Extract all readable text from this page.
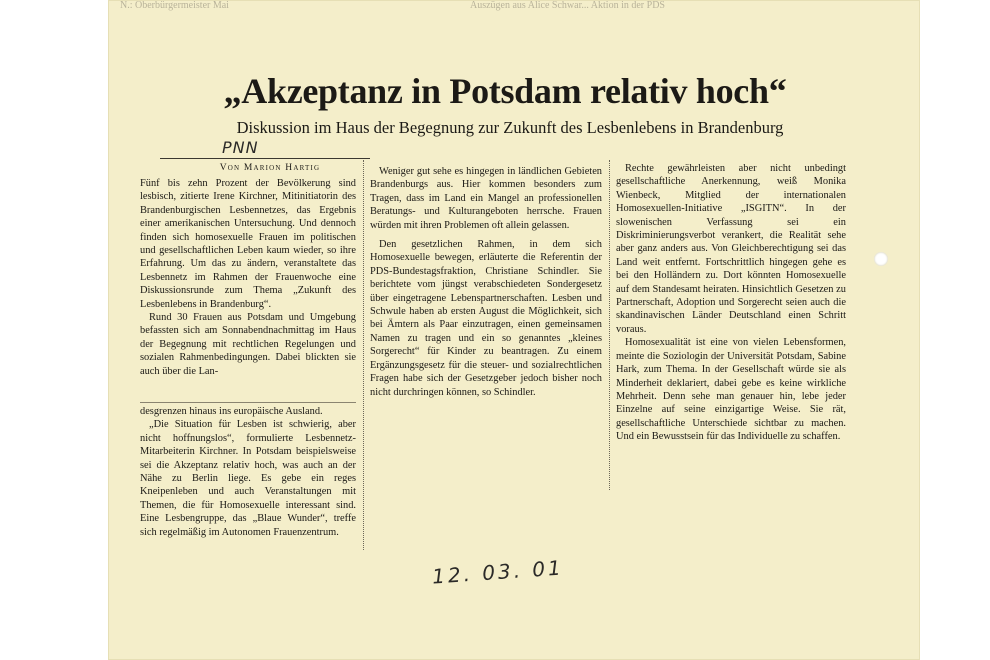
N.: Oberbürgermeister Mai	Auszügen aus Alice Schwar... Aktion in der PDS
„Akzeptanz in Potsdam relativ hoch“
Diskussion im Haus der Begegnung zur Zukunft des Lesbenlebens in Brandenburg
PNN
Von Marion Hartig

Fünf bis zehn Prozent der Bevölkerung sind lesbisch, zitierte Irene Kirchner, Mitinitiatorin des Brandenburgischen Lesbennetzes, das Ergebnis einer amerikanischen Untersuchung. Und dennoch finden sich homosexuelle Frauen im politischen und gesellschaftlichen Leben kaum wieder, so ihre Erfahrung. Um das zu ändern, veranstaltete das Lesbennetz im Rahmen der Frauenwoche eine Diskussionsrunde zum Thema „Zukunft des Lesbenlebens in Brandenburg“.

Rund 30 Frauen aus Potsdam und Umgebung befassten sich am Sonnabendnachmittag im Haus der Begegnung mit rechtlichen Regelungen und sozialen Rahmenbedingungen. Dabei blickten sie auch über die Lan-

desgrenzen hinaus ins europäische Ausland.

„Die Situation für Lesben ist schwierig, aber nicht hoffnungslos“, formulierte Lesbennetz-Mitarbeiterin Kirchner. In Potsdam beispielsweise sei die Akzeptanz relativ hoch, was auch an der Nähe zu Berlin liege. Es gebe ein reges Kneipenleben und auch Veranstaltungen mit Themen, die für Homosexuelle interessant sind. Eine Lesbengruppe, das „Blaue Wunder“, treffe sich regelmäßig im Autonomen Frauenzentrum.

Weniger gut sehe es hingegen in ländlichen Gebieten Brandenburgs aus. Hier kommen besonders zum Tragen, dass im Land ein Mangel an professionellen Beratungs- und Kulturangeboten herrsche. Frauen würden mit ihren Problemen oft allein gelassen.

Den gesetzlichen Rahmen, in dem sich Homosexuelle bewegen, erläuterte die Referentin der PDS-Bundestagsfraktion, Christiane Schindler. Sie berichtete vom jüngst verabschiedeten Sondergesetz über eingetragene Lebenspartnerschaften. Lesben und Schwule haben ab ersten August die Möglichkeit, sich bei Ämtern als Paar einzutragen, einen gemeinsamen Namen zu tragen und ein so genanntes „kleines Sorgerecht“ für Kinder zu beantragen. Zu einem Ergänzungsgesetz für die steuer- und sozialrechtlichen Fragen habe sich der Gesetzgeber jedoch bisher noch nicht durchringen können, so Schindler.

Rechte gewährleisten aber nicht unbedingt gesellschaftliche Anerkennung, weiß Monika Wienbeck, Mitglied der internationalen Homosexuellen-Initiative „ISGITN“. In der slowenischen Verfassung sei ein Diskriminierungsverbot verankert, die Realität sehe aber ganz anders aus. Von Gleichberechtigung sei das Land weit entfernt. Fortschrittlich hingegen gehe es bei den Holländern zu. Dort könnten Homosexuelle auf dem Standesamt heiraten. Hinsichtlich Gesetzen zu Partnerschaft, Adoption und Sorgerecht seien auch die skandinavischen Länder Deutschland einen Schritt voraus.

Homosexualität ist eine von vielen Lebensformen, meinte die Soziologin der Universität Potsdam, Sabine Hark, zum Thema. In der Gesellschaft würde sie als Minderheit deklariert, dabei gebe es keine wirkliche Mehrheit. Denn sehe man genauer hin, lebe jeder Einzelne auf seine einzigartige Weise. Sie rät, gesellschaftliche Unterschiede sichtbar zu machen. Und ein Bewusstsein für das Individuelle zu schaffen.

12. 03. 01
